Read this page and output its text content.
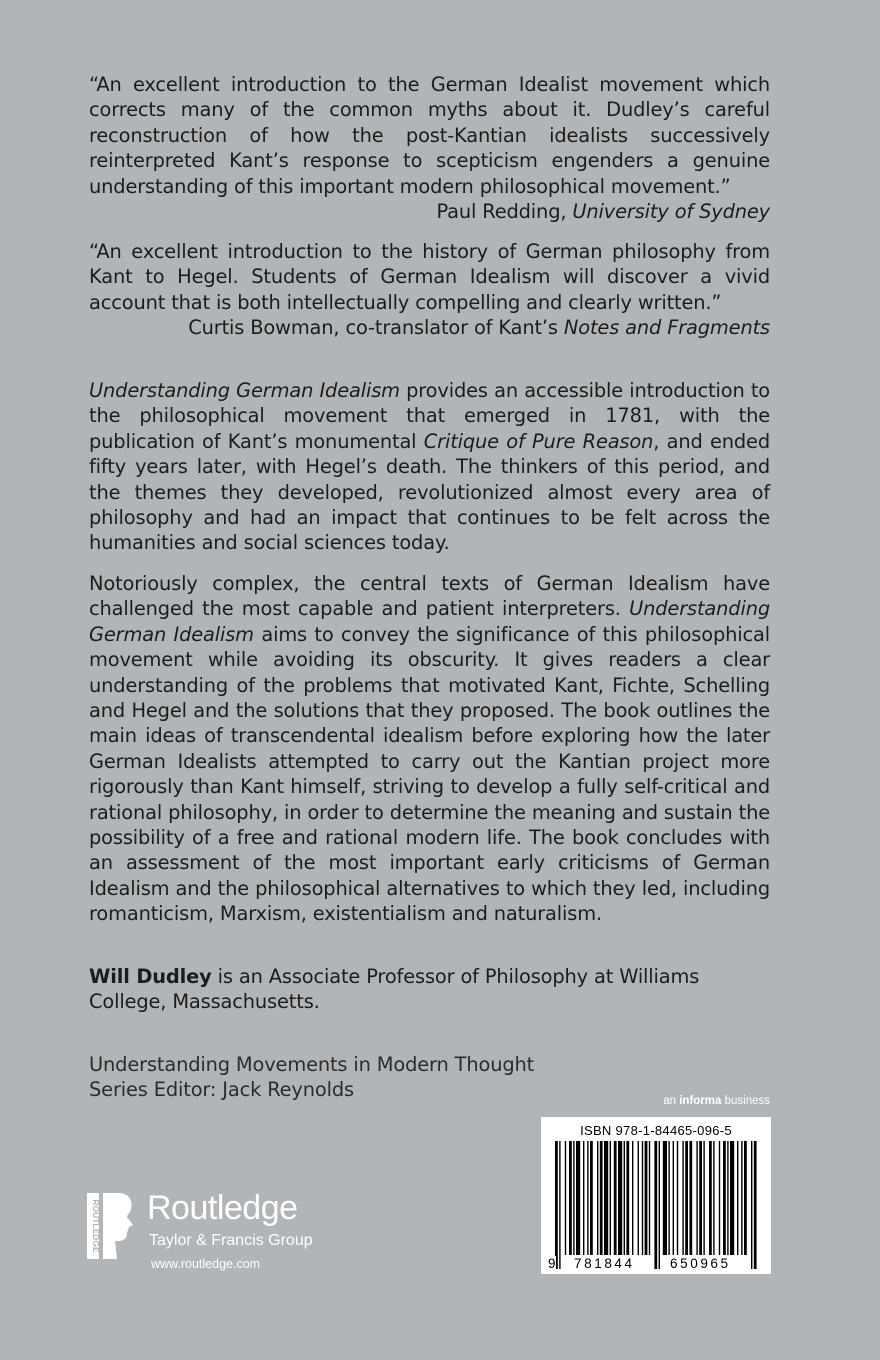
“An excellent introduction to the German Idealist movement which corrects many of the common myths about it. Dudley’s careful reconstruction of how the post-Kantian idealists successively reinterpreted Kant’s response to scepticism engenders a genuine understanding of this important modern philosophical movement.”

Paul Redding, University of Sydney

“An excellent introduction to the history of German philosophy from Kant to Hegel. Students of German Idealism will discover a vivid account that is both intellectually compelling and clearly written.”

Curtis Bowman, co-translator of Kant’s Notes and Fragments

Understanding German Idealism provides an accessible introduction to the philosophical movement that emerged in 1781, with the publication of Kant’s monumental Critique of Pure Reason, and ended fifty years later, with Hegel’s death. The thinkers of this period, and the themes they developed, revolutionized almost every area of philosophy and had an impact that continues to be felt across the humanities and social sciences today.

Notoriously complex, the central texts of German Idealism have challenged the most capable and patient interpreters. Understanding German Idealism aims to convey the significance of this philosophical movement while avoiding its obscurity. It gives readers a clear understanding of the problems that motivated Kant, Fichte, Schelling and Hegel and the solutions that they proposed. The book outlines the main ideas of transcendental idealism before exploring how the later German Idealists attempted to carry out the Kantian project more rigorously than Kant himself, striving to develop a fully self-critical and rational philosophy, in order to determine the meaning and sustain the possibility of a free and rational modern life. The book concludes with an assessment of the most important early criticisms of German Idealism and the philosophical alternatives to which they led, including romanticism, Marxism, existentialism and naturalism.

Will Dudley is an Associate Professor of Philosophy at Williams College, Massachusetts.

Understanding Movements in Modern Thought
Series Editor: Jack Reynolds	an informa business
ISBN 978-1-84465-096-5
9 781844	650965
ROUTLEDGE Routledge
Taylor & Francis Group
www.routledge.com
